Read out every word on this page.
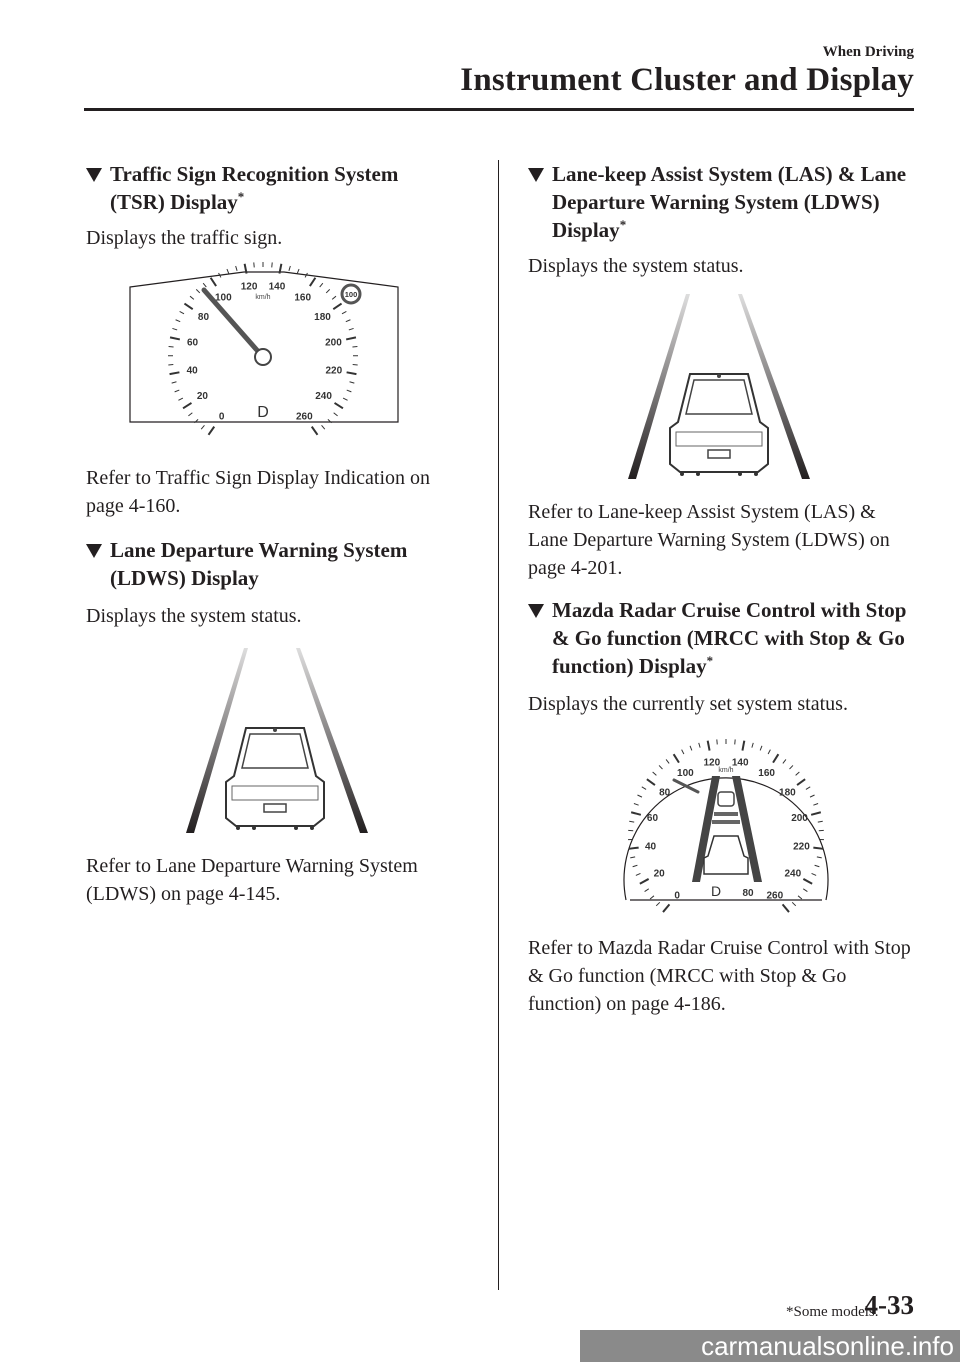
When Driving
Instrument Cluster and Display
Traffic Sign Recognition System (TSR) Display*

Displays the traffic sign.

0
20
40
60
80
100
120 140
160
180
200
220
240
260
km/h
D
100

Refer to Traffic Sign Display Indication on page 4-160.

Lane Departure Warning System (LDWS) Display

Displays the system status.

Refer to Lane Departure Warning System (LDWS) on page 4-145.

Lane-keep Assist System (LAS) & Lane Departure Warning System (LDWS) Display*

Displays the system status.

Refer to Lane-keep Assist System (LAS) & Lane Departure Warning System (LDWS) on page 4-201.

Mazda Radar Cruise Control with Stop & Go function (MRCC with Stop & Go function) Display*

Displays the currently set system status.

0
20
40
60
80
100
120 140
160
180
200
220
240
260
km/h
D 80

Refer to Mazda Radar Cruise Control with Stop & Go function (MRCC with Stop & Go function) on page 4-186.

*Some models.
4-33
carmanualsonline.info
